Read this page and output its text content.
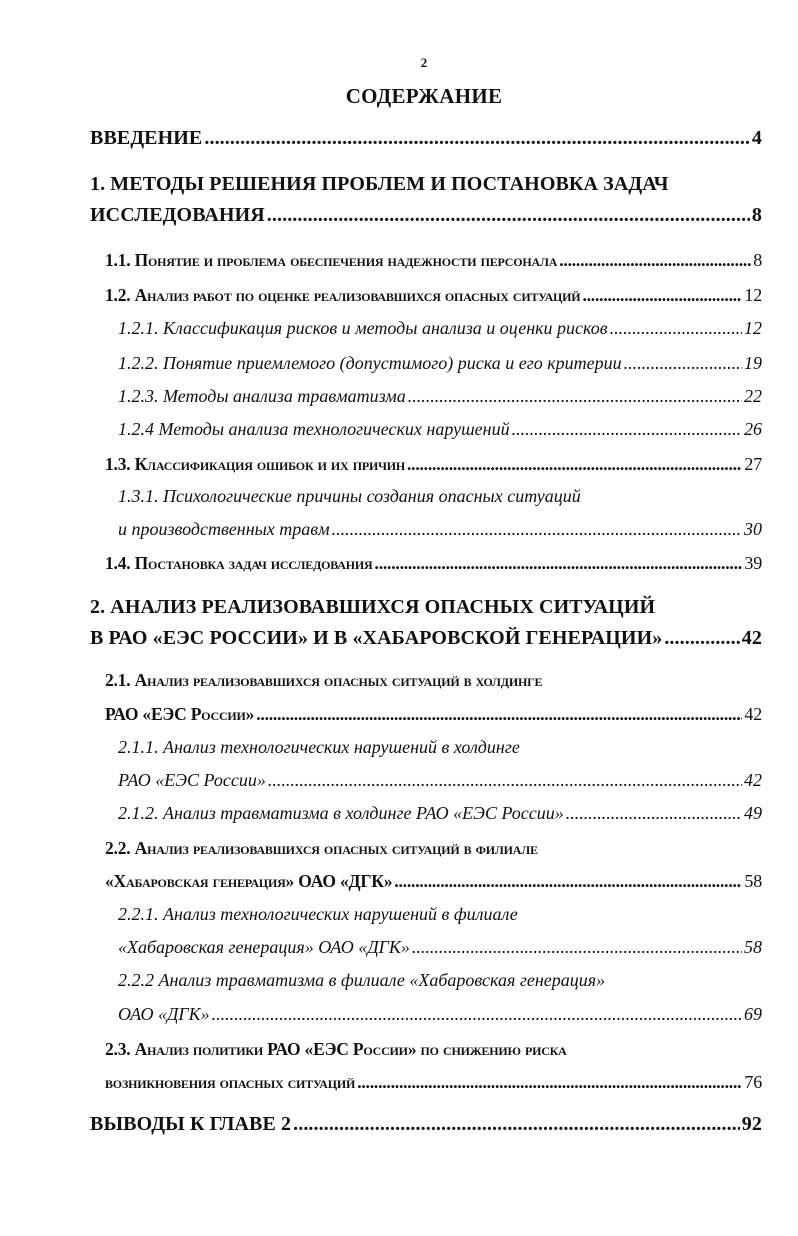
2
СОДЕРЖАНИЕ
ВВЕДЕНИЕ .....	4
1. МЕТОДЫ РЕШЕНИЯ ПРОБЛЕМ И ПОСТАНОВКА ЗАДАЧ
ИССЛЕДОВАНИЯ .....	8
1.1. Понятие и проблема обеспечения надежности персонала .....	8
1.2. Анализ работ по оценке реализовавшихся опасных ситуаций .....	12
1.2.1. Классификация рисков и методы анализа и оценки рисков .....	12
1.2.2. Понятие приемлемого (допустимого) риска и его критерии .....	19
1.2.3. Методы анализа травматизма .....	22
1.2.4 Методы анализа технологических нарушений .....	26
1.3. Классификация ошибок и их причин .....	27
1.3.1. Психологические причины создания опасных ситуаций
и производственных травм .....	30
1.4. Постановка задач исследования .....	39
2. АНАЛИЗ РЕАЛИЗОВАВШИХСЯ ОПАСНЫХ СИТУАЦИЙ
В РАО «ЕЭС РОССИИ» И В «ХАБАРОВСКОЙ ГЕНЕРАЦИИ» .....	42
2.1. Анализ реализовавшихся опасных ситуаций в холдинге
РАО «ЕЭС России» .....	42
2.1.1. Анализ технологических нарушений в холдинге
РАО «ЕЭС России» .....	42
2.1.2. Анализ травматизма в холдинге РАО «ЕЭС России» .....	49
2.2. Анализ реализовавшихся опасных ситуаций в филиале
«Хабаровская генерация» ОАО «ДГК» .....	58
2.2.1. Анализ технологических нарушений в филиале
«Хабаровская генерация» ОАО «ДГК» .....	58
2.2.2 Анализ травматизма в филиале «Хабаровская генерация»
ОАО «ДГК» .....	69
2.3. Анализ политики РАО «ЕЭС России» по снижению риска
возникновения опасных ситуаций .....	76
ВЫВОДЫ К ГЛАВЕ 2 .....	92
